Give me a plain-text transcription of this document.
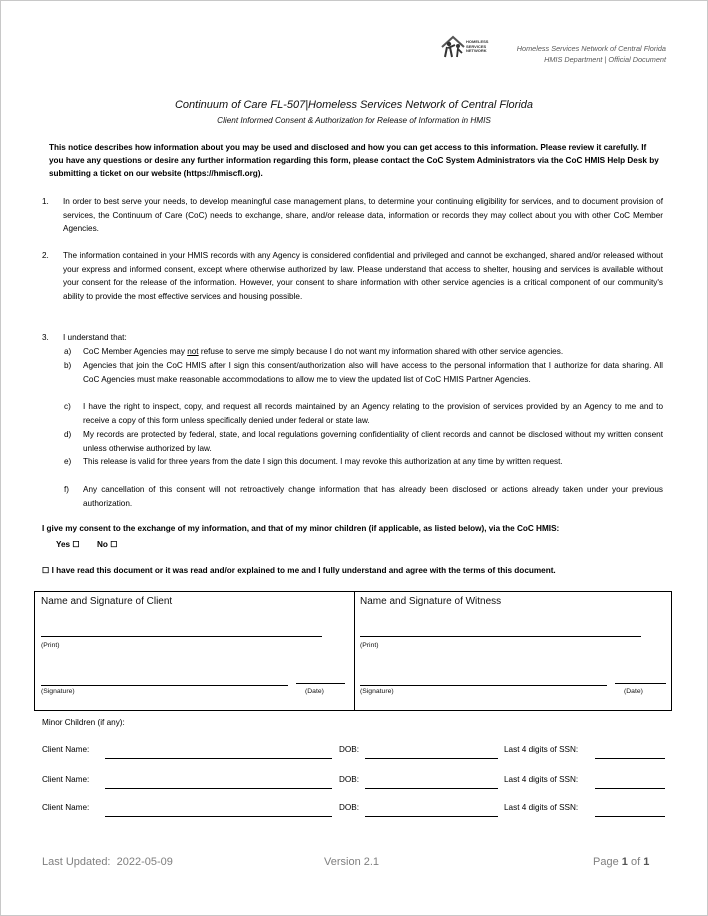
HOMELESS
SERVICES
NETWORK	Homeless Services Network of Central Florida
HMIS Department | Official Document
Continuum of Care FL-507|Homeless Services Network of Central Florida
Client Informed Consent & Authorization for Release of Information in HMIS
This notice describes how information about you may be used and disclosed and how you can get access to this information. Please review it carefully. If you have any questions or desire any further information regarding this form, please contact the CoC System Administrators via the CoC HMIS Help Desk by submitting a ticket on our website (https://hmiscfl.org).
1. In order to best serve your needs, to develop meaningful case management plans, to determine your continuing eligibility for services, and to document provision of services, the Continuum of Care (CoC) needs to exchange, share, and/or release data, information or records they may collect about you with other CoC Member Agencies.
2. The information contained in your HMIS records with any Agency is considered confidential and privileged and cannot be exchanged, shared and/or released without your express and informed consent, except where otherwise authorized by law. Please understand that access to shelter, housing and services is available without your consent for the release of the information. However, your consent to share information with other service agencies is a critical component of our community's ability to provide the most effective services and housing possible.
3. I understand that:
a) CoC Member Agencies may not refuse to serve me simply because I do not want my information shared with other service agencies.
b) Agencies that join the CoC HMIS after I sign this consent/authorization also will have access to the personal information that I authorize for data sharing. All CoC Agencies must make reasonable accommodations to allow me to view the updated list of CoC HMIS Partner Agencies.
c) I have the right to inspect, copy, and request all records maintained by an Agency relating to the provision of services provided by an Agency to me and to receive a copy of this form unless specifically denied under federal or state law.
d) My records are protected by federal, state, and local regulations governing confidentiality of client records and cannot be disclosed without my written consent unless otherwise authorized by law.
e) This release is valid for three years from the date I sign this document. I may revoke this authorization at any time by written request.
f) Any cancellation of this consent will not retroactively change information that has already been disclosed or actions already taken under your previous authorization.
I give my consent to the exchange of my information, and that of my minor children (if applicable, as listed below), via the CoC HMIS:
Yes ☐ No ☐
☐ I have read this document or it was read and/or explained to me and I fully understand and agree with the terms of this document.
Name and Signature of Client
(Print)
(Signature)	(Date)
Name and Signature of Witness
(Print)
(Signature)	(Date)
Minor Children (if any):
Client Name:	DOB:	Last 4 digits of SSN:
Client Name:	DOB:	Last 4 digits of SSN:
Client Name:	DOB:	Last 4 digits of SSN:
Last Updated: 2022-05-09	Version 2.1	Page 1 of 1
